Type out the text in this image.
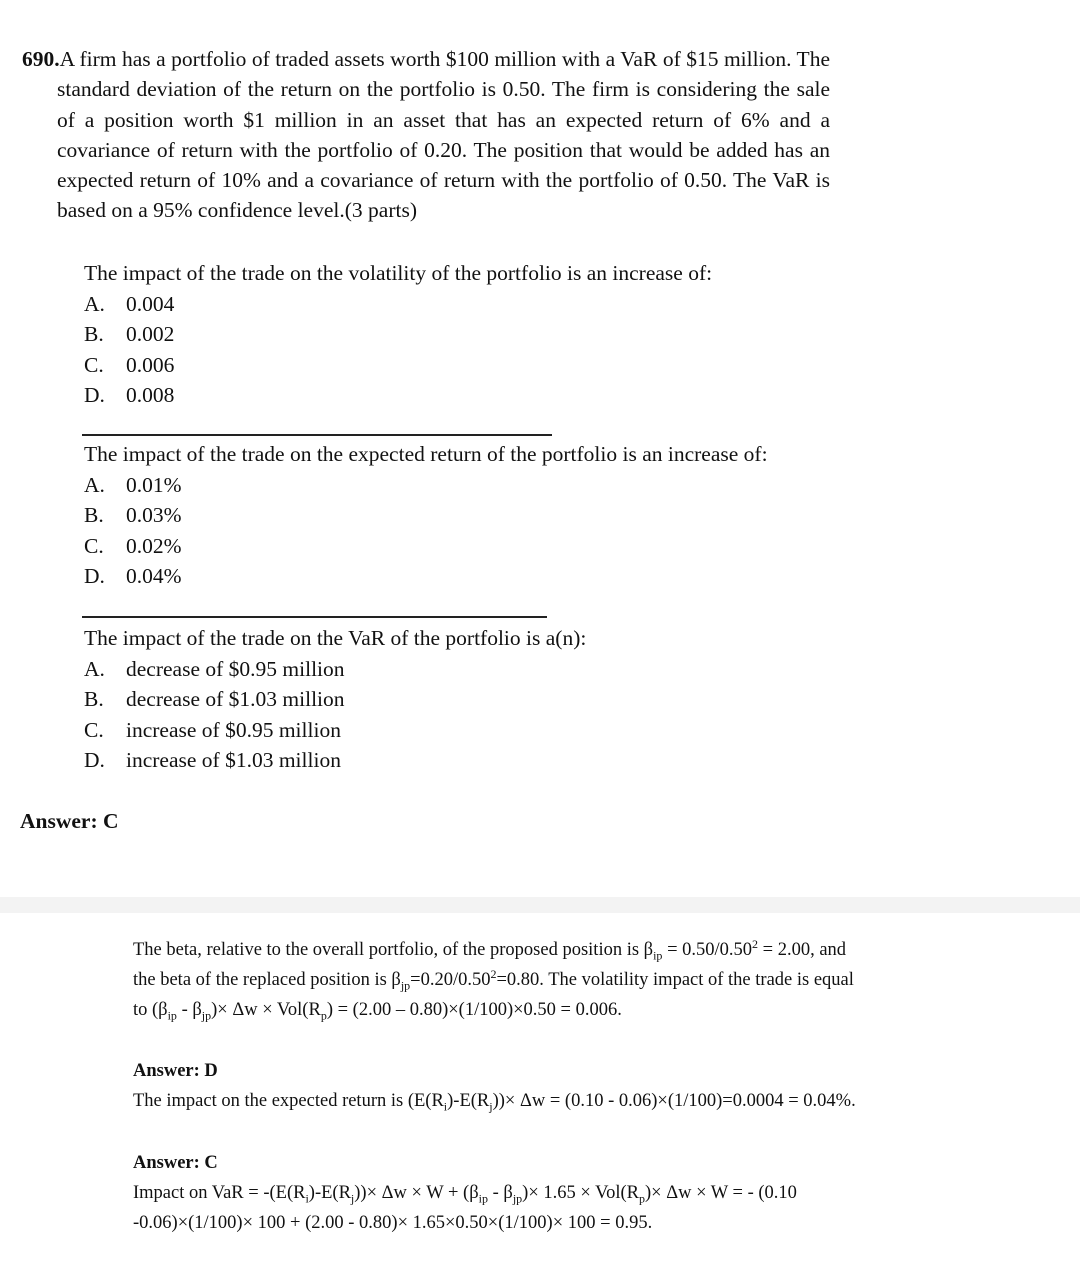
690.A firm has a portfolio of traded assets worth $100 million with a VaR of $15 million. The standard deviation of the return on the portfolio is 0.50. The firm is considering the sale of a position worth $1 million in an asset that has an expected return of 6% and a covariance of return with the portfolio of 0.20. The position that would be added has an expected return of 10% and a covariance of return with the portfolio of 0.50. The VaR is based on a 95% confidence level.(3 parts)
The impact of the trade on the volatility of the portfolio is an increase of:
A. 0.004
B. 0.002
C. 0.006
D. 0.008
The impact of the trade on the expected return of the portfolio is an increase of:
A. 0.01%
B. 0.03%
C. 0.02%
D. 0.04%
The impact of the trade on the VaR of the portfolio is a(n):
A. decrease of $0.95 million
B. decrease of $1.03 million
C. increase of $0.95 million
D. increase of $1.03 million
Answer: C
The beta, relative to the overall portfolio, of the proposed position is $\beta_{ip} = 0.50/0.50^2 = 2.00$, and
the beta of the replaced position is $\beta_{jp}=0.20/0.50^2=0.80$. The volatility impact of the trade is equal
to $(\beta_{ip} - \beta_{jp})\times \Delta w \times Vol(R_p) = (2.00 - 0.80)\times(1/100)\times 0.50 = 0.006$.
Answer: D
The impact on the expected return is $(E(R_i)-E(R_j))\times \Delta w = (0.10 - 0.06)\times(1/100)=0.0004 = 0.04\%$.
Answer: C
Impact on VaR = $-(E(R_i)-E(R_j))\times \Delta w \times W + (\beta_{ip} - \beta_{jp})\times 1.65 \times Vol(R_p)\times \Delta w \times W$ = - (0.10
-0.06)×(1/100)× 100 + (2.00 - 0.80)× 1.65×0.50×(1/100)× 100 = 0.95.
